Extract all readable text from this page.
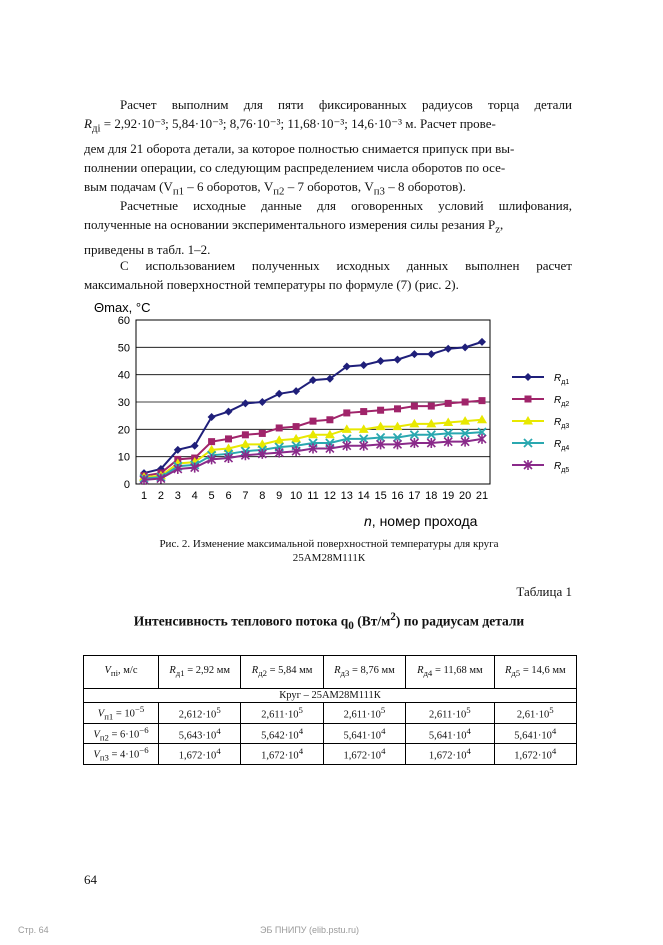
Расчет выполним для пяти фиксированных радиусов торца детали

$R_{дi} = 2,92\cdot 10^{-3}$; 5,84·10⁻³; 8,76·10⁻³; 11,68·10⁻³; 14,6·10⁻³ м. Расчет прове-

дем для 21 оборота детали, за которое полностью снимается припуск при вы-

полнении операции, со следующим распределением числа оборотов по осе-

вым подачам ($V_{п1} - 6$ оборотов, $V_{п2} - 7$ оборотов, $V_{п3} - 8$ оборотов).

Расчетные исходные данные для оговоренных условий шлифования,

полученные на основании экспериментального измерения силы резания $P_z$,

приведены в табл. 1–2.

С использованием полученных исходных данных выполнен расчет

максимальной поверхностной температуры по формуле (7) (рис. 2).

0
10
20
30
40
50
60
1 2 3 4 5 6 7 8 9 10 11 12 13 14 15 16 17 18 19 20 21
Θmax, °C
n, номер прохода
$R_{д1}$
$R_{д2}$
$R_{д3}$
$R_{д4}$
$R_{д5}$
Рис. 2. Изменение максимальной поверхностной температуры для круга
25АМ28М111К
Таблица 1
Интенсивность теплового потока $q_0$ $(Вт/м^2)$ по радиусам детали
$V_{пi}$, м/с	$R_{д1} = 2,92$ мм	$R_{д2} = 5,84$ мм	$R_{д3} = 8,76$ мм	$R_{д4} = 11,68$ мм	$R_{д5} = 14,6$ мм
Круг – 25АМ28М111К					
$V_{п1} = 10^{-5}$	$2,612\cdot 10^5$	$2,611\cdot 10^5$	$2,611\cdot 10^5$	$2,611\cdot 10^5$	$2,61\cdot 10^5$
$V_{п2} = 6\cdot 10^{-6}$	$5,643\cdot 10^4$	$5,642\cdot 10^4$	$5,641\cdot 10^4$	$5,641\cdot 10^4$	$5,641\cdot 10^4$
$V_{п3} = 4\cdot 10^{-6}$	$1,672\cdot 10^4$	$1,672\cdot 10^4$	$1,672\cdot 10^4$	$1,672\cdot 10^4$	$1,672\cdot 10^4$
64
Стр. 64	ЭБ ПНИПУ (elib.pstu.ru)
